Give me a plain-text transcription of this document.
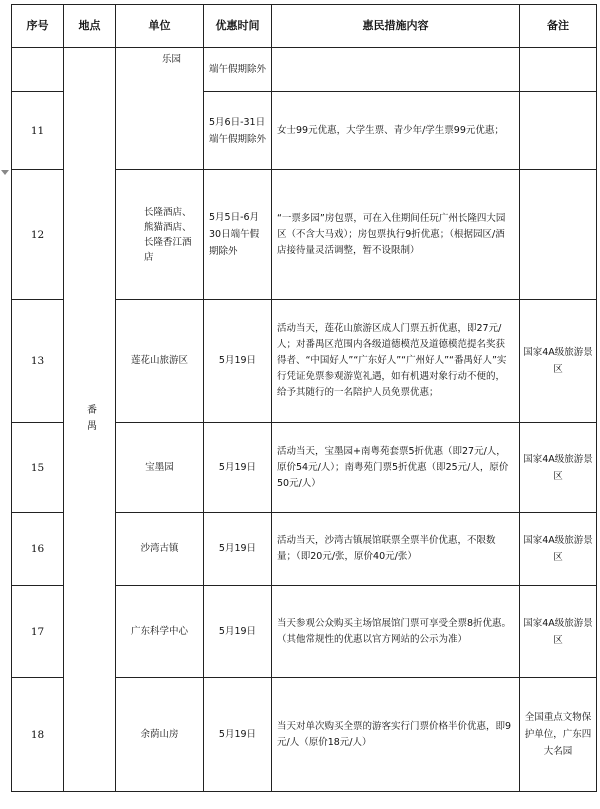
序号	地点	单位	优惠时间	惠民措施内容	备注

	番禺	乐园	端午假期除外		
11			5月6日-31日端午假期除外	女士99元优惠，大学生票、青少年/学生票99元优惠；	
12		长隆酒店、熊猫酒店、长隆香江酒店	5月5日-6月30日端午假期除外	“一票多园”房包票，可在入住期间任玩广州长隆四大园区（不含大马戏）；房包票执行9折优惠；（根据园区/酒店接待量灵活调整，暂不设限制）	
13		莲花山旅游区	5月19日	活动当天，莲花山旅游区成人门票五折优惠，即27元/人；对番禺区范围内各级道德模范及道德模范提名奖获得者、“中国好人”“广东好人”“广州好人”“番禺好人”实行凭证免票参观游览礼遇，如有机遇对象行动不便的，给予其随行的一名陪护人员免票优惠；	国家4A级旅游景区
15		宝墨园	5月19日	活动当天，宝墨园+南粤苑套票5折优惠（即27元/人，原价54元/人）；南粤苑门票5折优惠（即25元/人，原价50元/人）	国家4A级旅游景区
16		沙湾古镇	5月19日	活动当天，沙湾古镇展馆联票全票半价优惠，不限数量；（即20元/张，原价40元/张）	国家4A级旅游景区
17		广东科学中心	5月19日	当天参观公众购买主场馆展馆门票可享受全票8折优惠。（其他常规性的优惠以官方网站的公示为准）	国家4A级旅游景区
18		余荫山房	5月19日	当天对单次购买全票的游客实行门票价格半价优惠，即9元/人（原价18元/人）	全国重点文物保护单位，广东四大名园
